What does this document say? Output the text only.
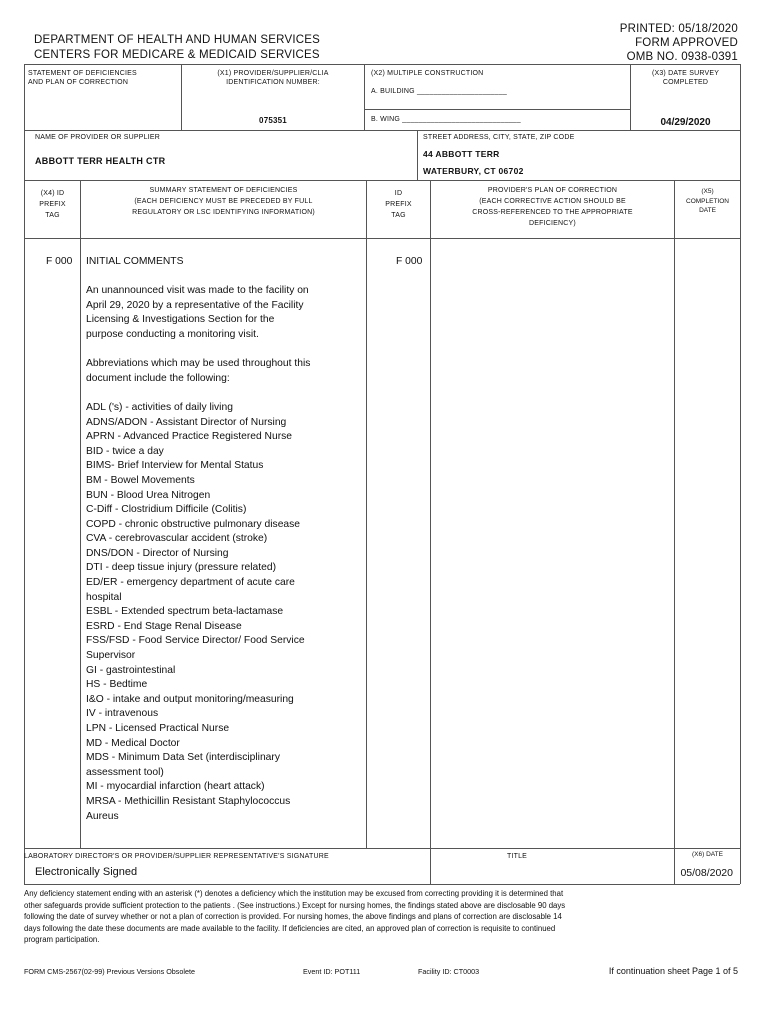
DEPARTMENT OF HEALTH AND HUMAN SERVICES
CENTERS FOR MEDICARE & MEDICAID SERVICES
PRINTED: 05/18/2020
FORM APPROVED
OMB NO. 0938-0391
STATEMENT OF DEFICIENCIES
AND PLAN OF CORRECTION
(X1) PROVIDER/SUPPLIER/CLIA
IDENTIFICATION NUMBER:
075351
(X2) MULTIPLE CONSTRUCTION
A. BUILDING ______________________
B. WING _____________________________
(X3) DATE SURVEY
COMPLETED
04/29/2020
NAME OF PROVIDER OR SUPPLIER
ABBOTT TERR HEALTH CTR
STREET ADDRESS, CITY, STATE, ZIP CODE
44 ABBOTT TERR
WATERBURY, CT 06702
(X4) ID
PREFIX
TAG
SUMMARY STATEMENT OF DEFICIENCIES
(EACH DEFICIENCY MUST BE PRECEDED BY FULL
REGULATORY OR LSC IDENTIFYING INFORMATION)
ID
PREFIX
TAG
PROVIDER'S PLAN OF CORRECTION
(EACH CORRECTIVE ACTION SHOULD BE
CROSS-REFERENCED TO THE APPROPRIATE
DEFICIENCY)
(X5)
COMPLETION
DATE
F 000	F 000
INITIAL COMMENTS
An unannounced visit was made to the facility on
April 29, 2020 by a representative of the Facility
Licensing & Investigations Section for the
purpose conducting a monitoring visit.
Abbreviations which may be used throughout this
document include the following:
ADL ('s) - activities of daily living
ADNS/ADON - Assistant Director of Nursing
APRN - Advanced Practice Registered Nurse
BID - twice a day
BIMS- Brief Interview for Mental Status
BM - Bowel Movements
BUN - Blood Urea Nitrogen
C-Diff - Clostridium Difficile (Colitis)
COPD - chronic obstructive pulmonary disease
CVA - cerebrovascular accident (stroke)
DNS/DON - Director of Nursing
DTI - deep tissue injury (pressure related)
ED/ER - emergency department of acute care
hospital
ESBL - Extended spectrum beta-lactamase
ESRD - End Stage Renal Disease
FSS/FSD - Food Service Director/ Food Service
Supervisor
GI - gastrointestinal
HS - Bedtime
I&O - intake and output monitoring/measuring
IV - intravenous
LPN - Licensed Practical Nurse
MD - Medical Doctor
MDS - Minimum Data Set (interdisciplinary
assessment tool)
MI - myocardial infarction (heart attack)
MRSA - Methicillin Resistant Staphylococcus
Aureus
LABORATORY DIRECTOR'S OR PROVIDER/SUPPLIER REPRESENTATIVE'S SIGNATURE
Electronically Signed
TITLE	(X6) DATE
05/08/2020
Any deficiency statement ending with an asterisk (*) denotes a deficiency which the institution may be excused from correcting providing it is determined that
other safeguards provide sufficient protection to the patients . (See instructions.) Except for nursing homes, the findings stated above are disclosable 90 days
following the date of survey whether or not a plan of correction is provided. For nursing homes, the above findings and plans of correction are disclosable 14
days following the date these documents are made available to the facility. If deficiencies are cited, an approved plan of correction is requisite to continued
program participation.
FORM CMS-2567(02-99) Previous Versions Obsolete	Event ID: POT111	Facility ID: CT0003	If continuation sheet Page 1 of 5
